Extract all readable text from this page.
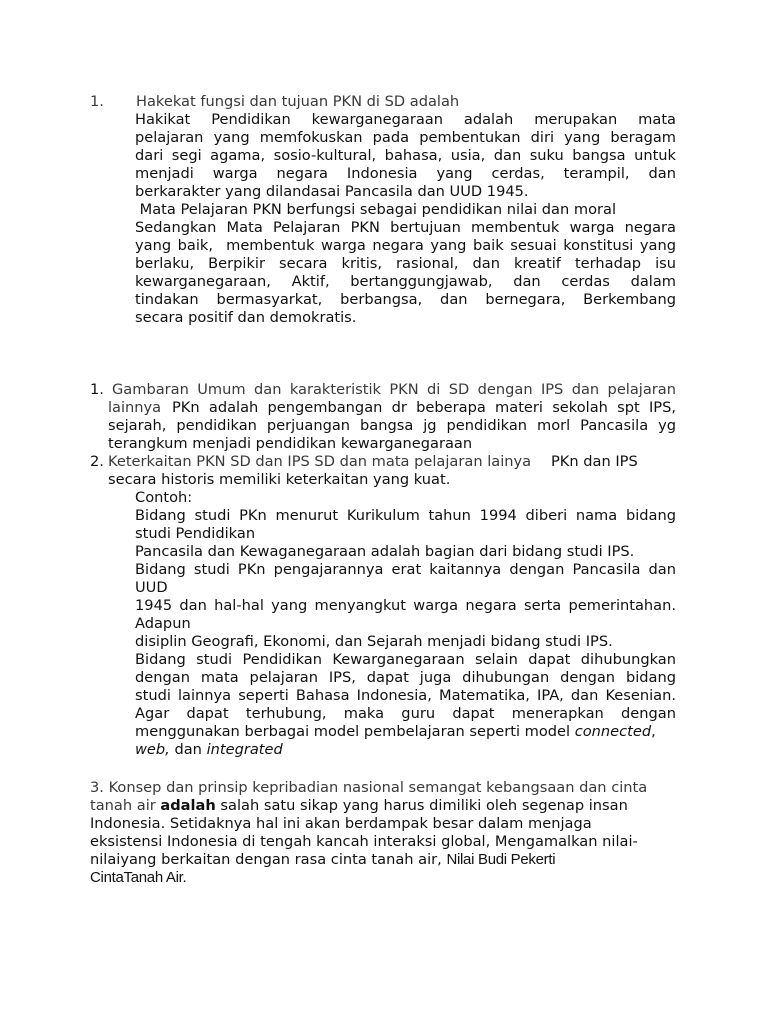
1. Hakekat fungsi dan tujuan PKN di SD adalah
Hakikat Pendidikan kewarganegaraan adalah merupakan mata
pelajaran yang memfokuskan pada pembentukan diri yang beragam
dari segi agama, sosio-kultural, bahasa, usia, dan suku bangsa untuk
menjadi warga negara Indonesia yang cerdas, terampil, dan
berkarakter yang dilandasai Pancasila dan UUD 1945.
Mata Pelajaran PKN berfungsi sebagai pendidikan nilai dan moral
Sedangkan Mata Pelajaran PKN bertujuan membentuk warga negara
yang baik,  membentuk warga negara yang baik sesuai konstitusi yang
berlaku, Berpikir secara kritis, rasional, dan kreatif terhadap isu
kewarganegaraan, Aktif, bertanggungjawab, dan cerdas dalam
tindakan bermasyarkat, berbangsa, dan bernegara, Berkembang
secara positif dan demokratis.
1. Gambaran Umum dan karakteristik PKN di SD dengan IPS dan pelajaran
lainnya PKn adalah pengembangan dr beberapa materi sekolah spt IPS,
sejarah, pendidikan perjuangan bangsa jg pendidikan morl Pancasila yg
terangkum menjadi pendidikan kewarganegaraan
2. Keterkaitan PKN SD dan IPS SD dan mata pelajaran lainya PKn dan IPS
secara historis memiliki keterkaitan yang kuat.
Contoh:
Bidang studi PKn menurut Kurikulum tahun 1994 diberi nama bidang
studi Pendidikan
Pancasila dan Kewaganegaraan adalah bagian dari bidang studi IPS.
Bidang studi PKn pengajarannya erat kaitannya dengan Pancasila dan
UUD
1945 dan hal-hal yang menyangkut warga negara serta pemerintahan.
Adapun
disiplin Geografi, Ekonomi, dan Sejarah menjadi bidang studi IPS.
Bidang studi Pendidikan Kewarganegaraan selain dapat dihubungkan
dengan mata pelajaran IPS, dapat juga dihubungan dengan bidang
studi lainnya seperti Bahasa Indonesia, Matematika, IPA, dan Kesenian.
Agar dapat terhubung, maka guru dapat menerapkan dengan
menggunakan berbagai model pembelajaran seperti model connected,
web, dan integrated
3. Konsep dan prinsip kepribadian nasional semangat kebangsaan dan cinta
tanah air adalah salah satu sikap yang harus dimiliki oleh segenap insan
Indonesia. Setidaknya hal ini akan berdampak besar dalam menjaga
eksistensi Indonesia di tengah kancah interaksi global, Mengamalkan nilai-
nilaiyang berkaitan dengan rasa cinta tanah air, Nilai Budi Pekerti
CintaTanah Air.
